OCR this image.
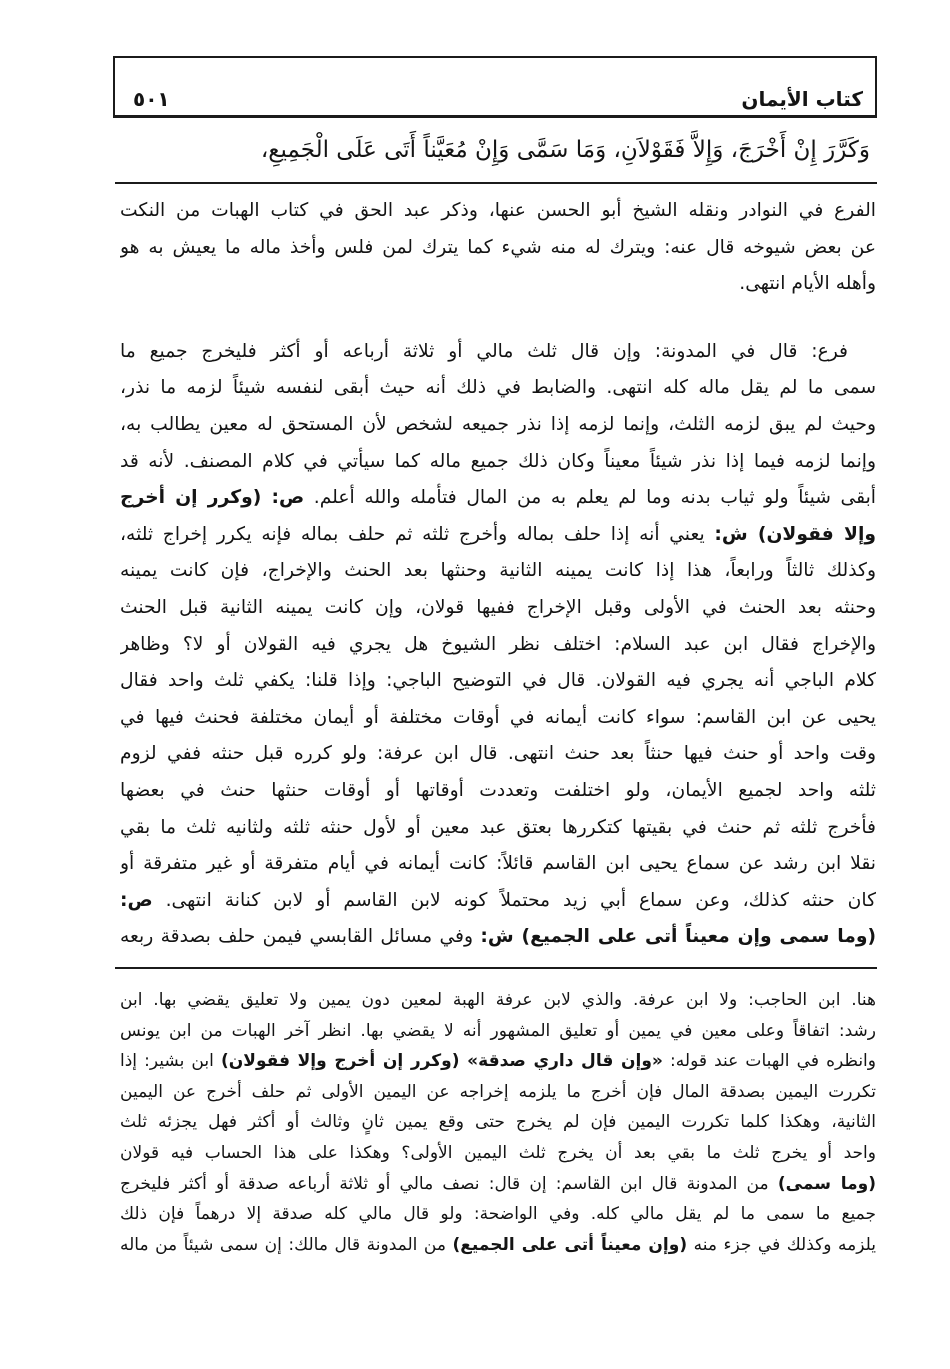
كتاب الأيمان
٥٠١
وَكَرَّرَ إِنْ أَخْرَجَ، وَإِلاَّ فَقَوْلاَنِ، وَمَا سَمَّى وَإِنْ مُعَيَّناً أَتَى عَلَى الْجَمِيعِ،
الفرع في النوادر ونقله الشيخ أبو الحسن عنها، وذكر عبد الحق في كتاب الهبات من النكت
عن بعض شيوخه قال عنه: ويترك له منه شيء كما يترك لمن فلس وأخذ ماله ما يعيش به هو
وأهله الأيام انتهى.
فرع: قال في المدونة: وإن قال ثلث مالي أو ثلاثة أرباعه أو أكثر فليخرج جميع ما
سمى ما لم يقل ماله كله انتهى. والضابط في ذلك أنه حيث أبقى لنفسه شيئاً لزمه ما نذر،
وحيث لم يبق لزمه الثلث، وإنما لزمه إذا نذر جميعه لشخص لأن المستحق له معين يطالب به،
وإنما لزمه فيما إذا نذر شيئاً معيناً وكان ذلك جميع ماله كما سيأتي في كلام المصنف. لأنه قد
أبقى شيئاً ولو ثياب بدنه وما لم يعلم به من المال فتأمله والله أعلم. ص: (وكرر إن أخرج
وإلا فقولان) ش: يعني أنه إذا حلف بماله وأخرج ثلثه ثم حلف بماله فإنه يكرر إخراج ثلثه،
وكذلك ثالثاً ورابعاً، هذا إذا كانت يمينه الثانية وحنثها بعد الحنث والإخراج، فإن كانت يمينه
وحنثه بعد الحنث في الأولى وقبل الإخراج ففيها قولان، وإن كانت يمينه الثانية قبل الحنث
والإخراج فقال ابن عبد السلام: اختلف نظر الشيوخ هل يجري فيه القولان أو لا؟ وظاهر
كلام الباجي أنه يجري فيه القولان. قال في التوضيح الباجي: وإذا قلنا: يكفي ثلث واحد فقال
يحيى عن ابن القاسم: سواء كانت أيمانه في أوقات مختلفة أو أيمان مختلفة فحنث فيها في
وقت واحد أو حنث فيها حنثاً بعد حنث انتهى. قال ابن عرفة: ولو كرره قبل حنثه ففي لزوم
ثلثه واحد لجميع الأيمان، ولو اختلفت وتعددت أوقاتها أو أوقات حنثها حنث في بعضها
فأخرج ثلثه ثم حنث في بقيتها كتكررها بعتق عبد معين أو لأول حنثه ثلثه ولثانيه ثلث ما بقي
نقلا ابن رشد عن سماع يحيى ابن القاسم قائلاً: كانت أيمانه في أيام متفرقة أو غير متفرقة أو
كان حنثه كذلك، وعن سماع أبي زيد محتملاً كونه لابن القاسم أو لابن كنانة انتهى. ص:
(وما سمى وإن معيناً أتى على الجميع) ش: وفي مسائل القابسي فيمن حلف بصدقة ربعه
هنا. ابن الحاجب: ولا ابن عرفة. والذي لابن عرفة الهبة لمعين دون يمين ولا تعليق يقضي بها. ابن
رشد: اتفاقاً وعلى معين في يمين أو تعليق المشهور أنه لا يقضي بها. انظر آخر الهبات من ابن يونس
وانظره في الهبات عند قوله: «وإن قال داري صدقة» (وكرر إن أخرج وإلا فقولان) ابن بشير: إذا
تكررت اليمين بصدقة المال فإن أخرج ما يلزمه إخراجه عن اليمين الأولى ثم حلف أخرج عن اليمين
الثانية، وهكذا كلما تكررت اليمين فإن لم يخرج حتى وقع يمين ثانٍ وثالث أو أكثر فهل يجزئه ثلث
واحد أو يخرج ثلث ما بقي بعد أن يخرج ثلث اليمين الأولى؟ وهكذا على هذا الحساب فيه قولان
(وما سمى) من المدونة قال ابن القاسم: إن قال: نصف مالي أو ثلاثة أرباعه صدقة أو أكثر فليخرج
جميع ما سمى ما لم يقل مالي كله. وفي الواضحة: ولو قال مالي كله صدقة إلا درهماً فإن ذلك
يلزمه وكذلك في جزء منه (وإن معيناً أتى على الجميع) من المدونة قال مالك: إن سمى شيئاً من ماله
